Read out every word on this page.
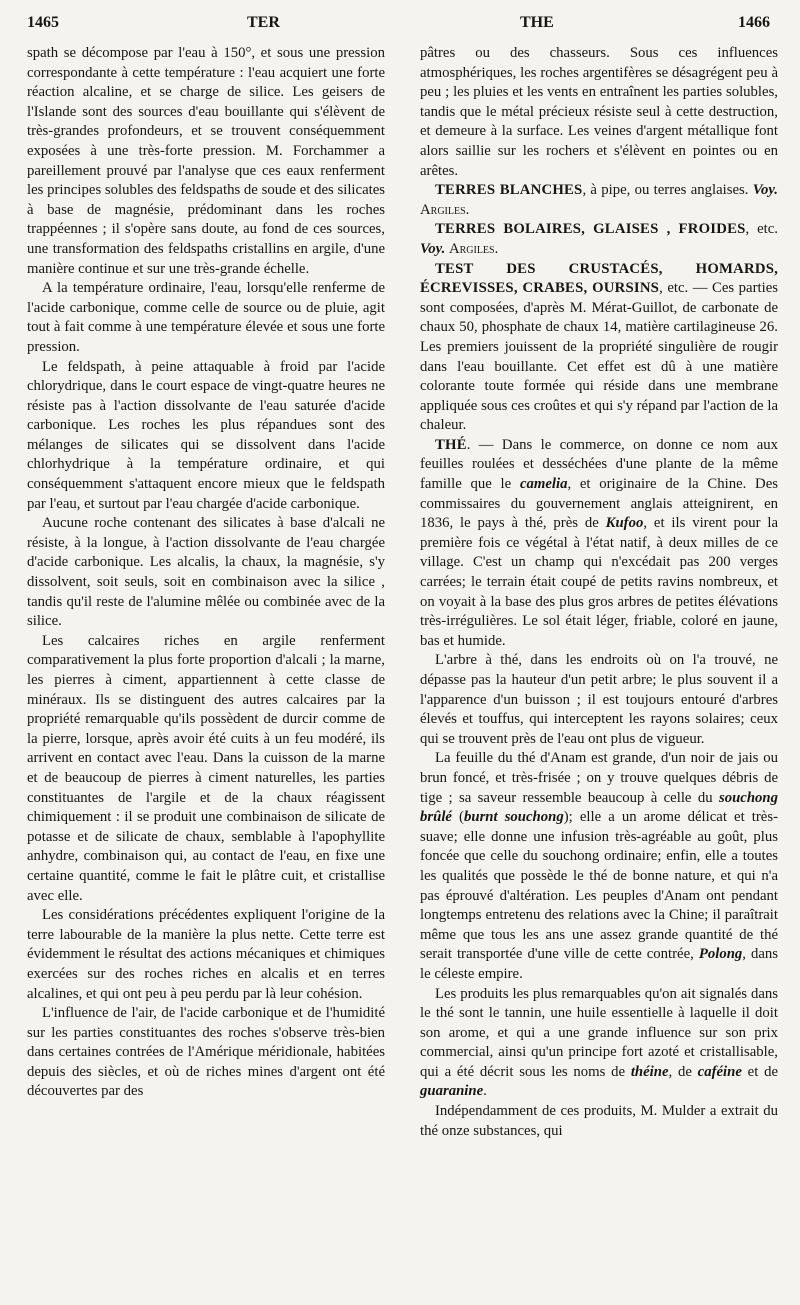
1465	TER	THE	1466

spath se décompose par l'eau à 150°, et sous une pression correspondante à cette température : l'eau acquiert une forte réaction alcaline, et se charge de silice. Les geisers de l'Islande sont des sources d'eau bouillante qui s'élèvent de très-grandes profondeurs, et se trouvent conséquemment exposées à une très-forte pression. M. Forchammer a pareillement prouvé par l'analyse que ces eaux renferment les principes solubles des feldspaths de soude et des silicates à base de magnésie, prédominant dans les roches trappéennes ; il s'opère sans doute, au fond de ces sources, une transformation des feldspaths cristallins en argile, d'une manière continue et sur une très-grande échelle.

A la température ordinaire, l'eau, lorsqu'elle renferme de l'acide carbonique, comme celle de source ou de pluie, agit tout à fait comme à une température élevée et sous une forte pression.

Le feldspath, à peine attaquable à froid par l'acide chlorydrique, dans le court espace de vingt-quatre heures ne résiste pas à l'action dissolvante de l'eau saturée d'acide carbonique. Les roches les plus répandues sont des mélanges de silicates qui se dissolvent dans l'acide chlorhydrique à la température ordinaire, et qui conséquemment s'attaquent encore mieux que le feldspath par l'eau, et surtout par l'eau chargée d'acide carbonique.

Aucune roche contenant des silicates à base d'alcali ne résiste, à la longue, à l'action dissolvante de l'eau chargée d'acide carbonique. Les alcalis, la chaux, la magnésie, s'y dissolvent, soit seuls, soit en combinaison avec la silice , tandis qu'il reste de l'alumine mêlée ou combinée avec de la silice.

Les calcaires riches en argile renferment comparativement la plus forte proportion d'alcali ; la marne, les pierres à ciment, appartiennent à cette classe de minéraux. Ils se distinguent des autres calcaires par la propriété remarquable qu'ils possèdent de durcir comme de la pierre, lorsque, après avoir été cuits à un feu modéré, ils arrivent en contact avec l'eau. Dans la cuisson de la marne et de beaucoup de pierres à ciment naturelles, les parties constituantes de l'argile et de la chaux réagissent chimiquement : il se produit une combinaison de silicate de potasse et de silicate de chaux, semblable à l'apophyllite anhydre, combinaison qui, au contact de l'eau, en fixe une certaine quantité, comme le fait le plâtre cuit, et cristallise avec elle.

Les considérations précédentes expliquent l'origine de la terre labourable de la manière la plus nette. Cette terre est évidemment le résultat des actions mécaniques et chimiques exercées sur des roches riches en alcalis et en terres alcalines, et qui ont peu à peu perdu par là leur cohésion.

L'influence de l'air, de l'acide carbonique et de l'humidité sur les parties constituantes des roches s'observe très-bien dans certaines contrées de l'Amérique méridionale, habitées depuis des siècles, et où de riches mines d'argent ont été découvertes par des

pâtres ou des chasseurs. Sous ces influences atmosphériques, les roches argentifères se désagrégent peu à peu ; les pluies et les vents en entraînent les parties solubles, tandis que le métal précieux résiste seul à cette destruction, et demeure à la surface. Les veines d'argent métallique font alors saillie sur les rochers et s'élèvent en pointes ou en arêtes.

TERRES BLANCHES, à pipe, ou terres anglaises. Voy. Argiles.

TERRES BOLAIRES, GLAISES , FROIDES, etc. Voy. Argiles.

TEST DES CRUSTACÉS, HOMARDS, ÉCREVISSES, CRABES, OURSINS, etc. — Ces parties sont composées, d'après M. Mérat-Guillot, de carbonate de chaux 50, phosphate de chaux 14, matière cartilagineuse 26. Les premiers jouissent de la propriété singulière de rougir dans l'eau bouillante. Cet effet est dû à une matière colorante toute formée qui réside dans une membrane appliquée sous ces croûtes et qui s'y répand par l'action de la chaleur.

THÉ. — Dans le commerce, on donne ce nom aux feuilles roulées et desséchées d'une plante de la même famille que le camelia, et originaire de la Chine. Des commissaires du gouvernement anglais atteignirent, en 1836, le pays à thé, près de Kufoo, et ils virent pour la première fois ce végétal à l'état natif, à deux milles de ce village. C'est un champ qui n'excédait pas 200 verges carrées; le terrain était coupé de petits ravins nombreux, et on voyait à la base des plus gros arbres de petites élévations très-irrégulières. Le sol était léger, friable, coloré en jaune, bas et humide.

L'arbre à thé, dans les endroits où on l'a trouvé, ne dépasse pas la hauteur d'un petit arbre; le plus souvent il a l'apparence d'un buisson ; il est toujours entouré d'arbres élevés et touffus, qui interceptent les rayons solaires; ceux qui se trouvent près de l'eau ont plus de vigueur.

La feuille du thé d'Anam est grande, d'un noir de jais ou brun foncé, et très-frisée ; on y trouve quelques débris de tige ; sa saveur ressemble beaucoup à celle du souchong brûlé (burnt souchong); elle a un arome délicat et très-suave; elle donne une infusion très-agréable au goût, plus foncée que celle du souchong ordinaire; enfin, elle a toutes les qualités que possède le thé de bonne nature, et qui n'a pas éprouvé d'altération. Les peuples d'Anam ont pendant longtemps entretenu des relations avec la Chine; il paraîtrait même que tous les ans une assez grande quantité de thé serait transportée d'une ville de cette contrée, Polong, dans le céleste empire.

Les produits les plus remarquables qu'on ait signalés dans le thé sont le tannin, une huile essentielle à laquelle il doit son arome, et qui a une grande influence sur son prix commercial, ainsi qu'un principe fort azoté et cristallisable, qui a été décrit sous les noms de théine, de caféine et de guaranine.

Indépendamment de ces produits, M. Mulder a extrait du thé onze substances, qui
